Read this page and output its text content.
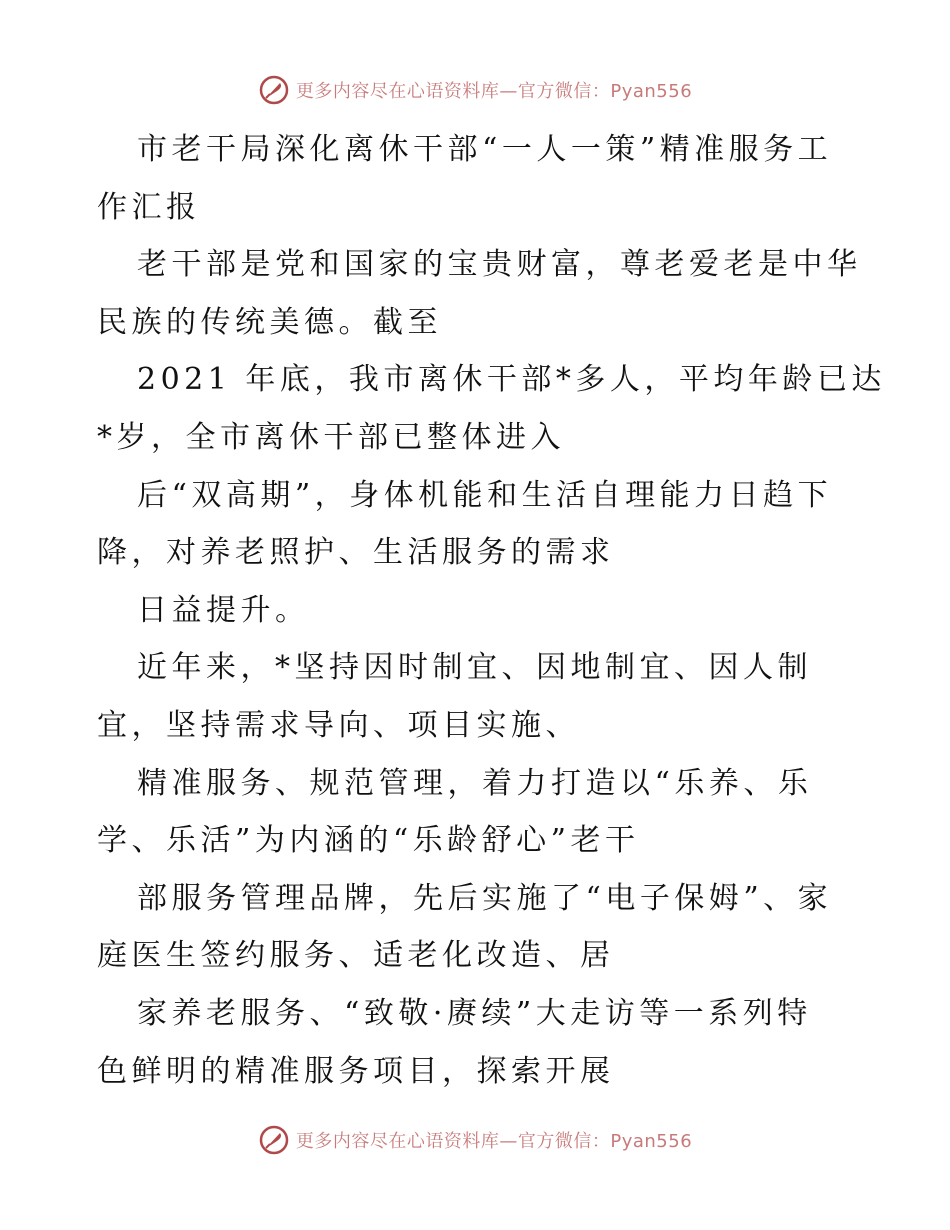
更多内容尽在心语资料库—官方微信：Pyan556

市老干局深化离休干部“一人一策”精准服务工

作汇报

老干部是党和国家的宝贵财富，尊老爱老是中华

民族的传统美德。截至

2021 年底，我市离休干部*多人，平均年龄已达

*岁，全市离休干部已整体进入

后“双高期”，身体机能和生活自理能力日趋下

降，对养老照护、生活服务的需求

日益提升。

近年来，*坚持因时制宜、因地制宜、因人制

宜，坚持需求导向、项目实施、

精准服务、规范管理，着力打造以“乐养、乐

学、乐活”为内涵的“乐龄舒心”老干

部服务管理品牌，先后实施了“电子保姆”、家

庭医生签约服务、适老化改造、居

家养老服务、“致敬·赓续”大走访等一系列特

色鲜明的精准服务项目，探索开展

更多内容尽在心语资料库—官方微信：Pyan556
